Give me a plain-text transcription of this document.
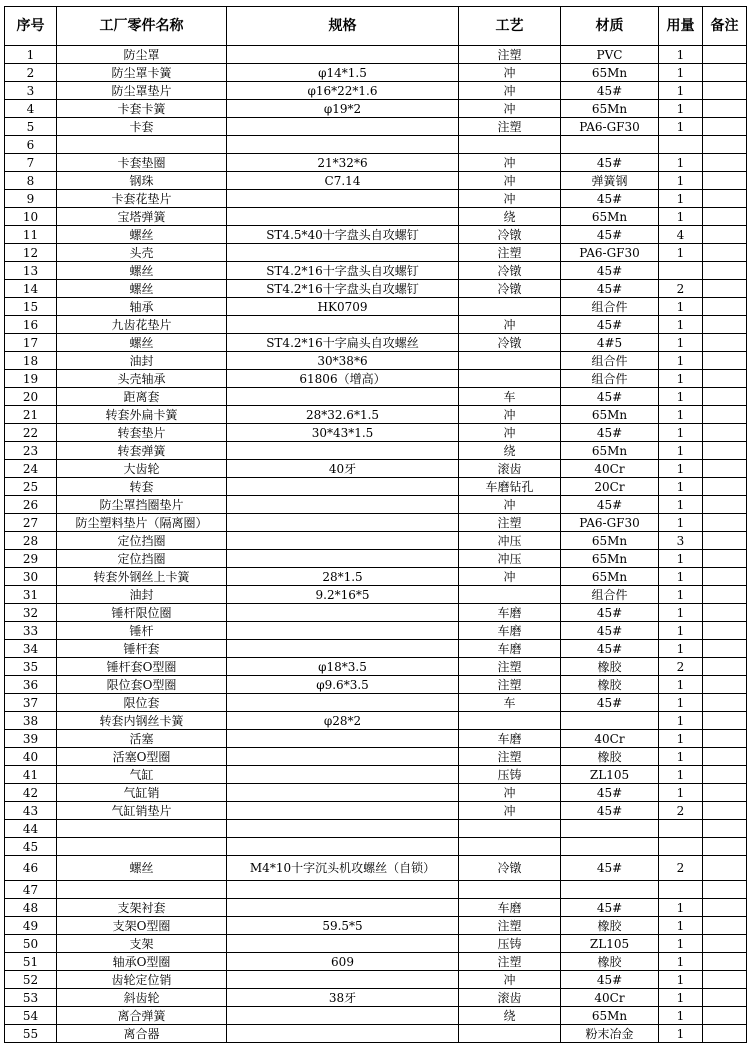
序号	工厂零件名称	规格	工艺	材质	用量	备注
1	防尘罩		注塑	PVC	1	
2	防尘罩卡簧	φ14*1.5	冲	65Mn	1	
3	防尘罩垫片	φ16*22*1.6	冲	45#	1	
4	卡套卡簧	φ19*2	冲	65Mn	1	
5	卡套		注塑	PA6-GF30	1	
6						
7	卡套垫圈	21*32*6	冲	45#	1	
8	钢珠	C7.14	冲	弹簧钢	1	
9	卡套花垫片		冲	45#	1	
10	宝塔弹簧		绕	65Mn	1	
11	螺丝	ST4.5*40十字盘头自攻螺钉	冷镦	45#	4	
12	头壳		注塑	PA6-GF30	1	
13	螺丝	ST4.2*16十字盘头自攻螺钉	冷镦	45#		
14	螺丝	ST4.2*16十字盘头自攻螺钉	冷镦	45#	2	
15	轴承	HK0709		组合件	1	
16	九齿花垫片		冲	45#	1	
17	螺丝	ST4.2*16十字扁头自攻螺丝	冷镦	4#5	1	
18	油封	30*38*6		组合件	1	
19	头壳轴承	61806（增高）		组合件	1	
20	距离套		车	45#	1	
21	转套外扁卡簧	28*32.6*1.5	冲	65Mn	1	
22	转套垫片	30*43*1.5	冲	45#	1	
23	转套弹簧		绕	65Mn	1	
24	大齿轮	40牙	滚齿	40Cr	1	
25	转套		车磨钻孔	20Cr	1	
26	防尘罩挡圈垫片		冲	45#	1	
27	防尘塑料垫片（隔离圈）		注塑	PA6-GF30	1	
28	定位挡圈		冲压	65Mn	3	
29	定位挡圈		冲压	65Mn	1	
30	转套外钢丝上卡簧	28*1.5	冲	65Mn	1	
31	油封	9.2*16*5		组合件	1	
32	锤杆限位圈		车磨	45#	1	
33	锤杆		车磨	45#	1	
34	锤杆套		车磨	45#	1	
35	锤杆套O型圈	φ18*3.5	注塑	橡胶	2	
36	限位套O型圈	φ9.6*3.5	注塑	橡胶	1	
37	限位套		车	45#	1	
38	转套内钢丝卡簧	φ28*2			1	
39	活塞		车磨	40Cr	1	
40	活塞O型圈		注塑	橡胶	1	
41	气缸		压铸	ZL105	1	
42	气缸销		冲	45#	1	
43	气缸销垫片		冲	45#	2	
44						
45						
46	螺丝	M4*10十字沉头机攻螺丝（自锁）	冷镦	45#	2	
47						
48	支架衬套		车磨	45#	1	
49	支架O型圈	59.5*5	注塑	橡胶	1	
50	支架		压铸	ZL105	1	
51	轴承O型圈	609	注塑	橡胶	1	
52	齿轮定位销		冲	45#	1	
53	斜齿轮	38牙	滚齿	40Cr	1	
54	离合弹簧		绕	65Mn	1	
55	离合器			粉末冶金	1	
